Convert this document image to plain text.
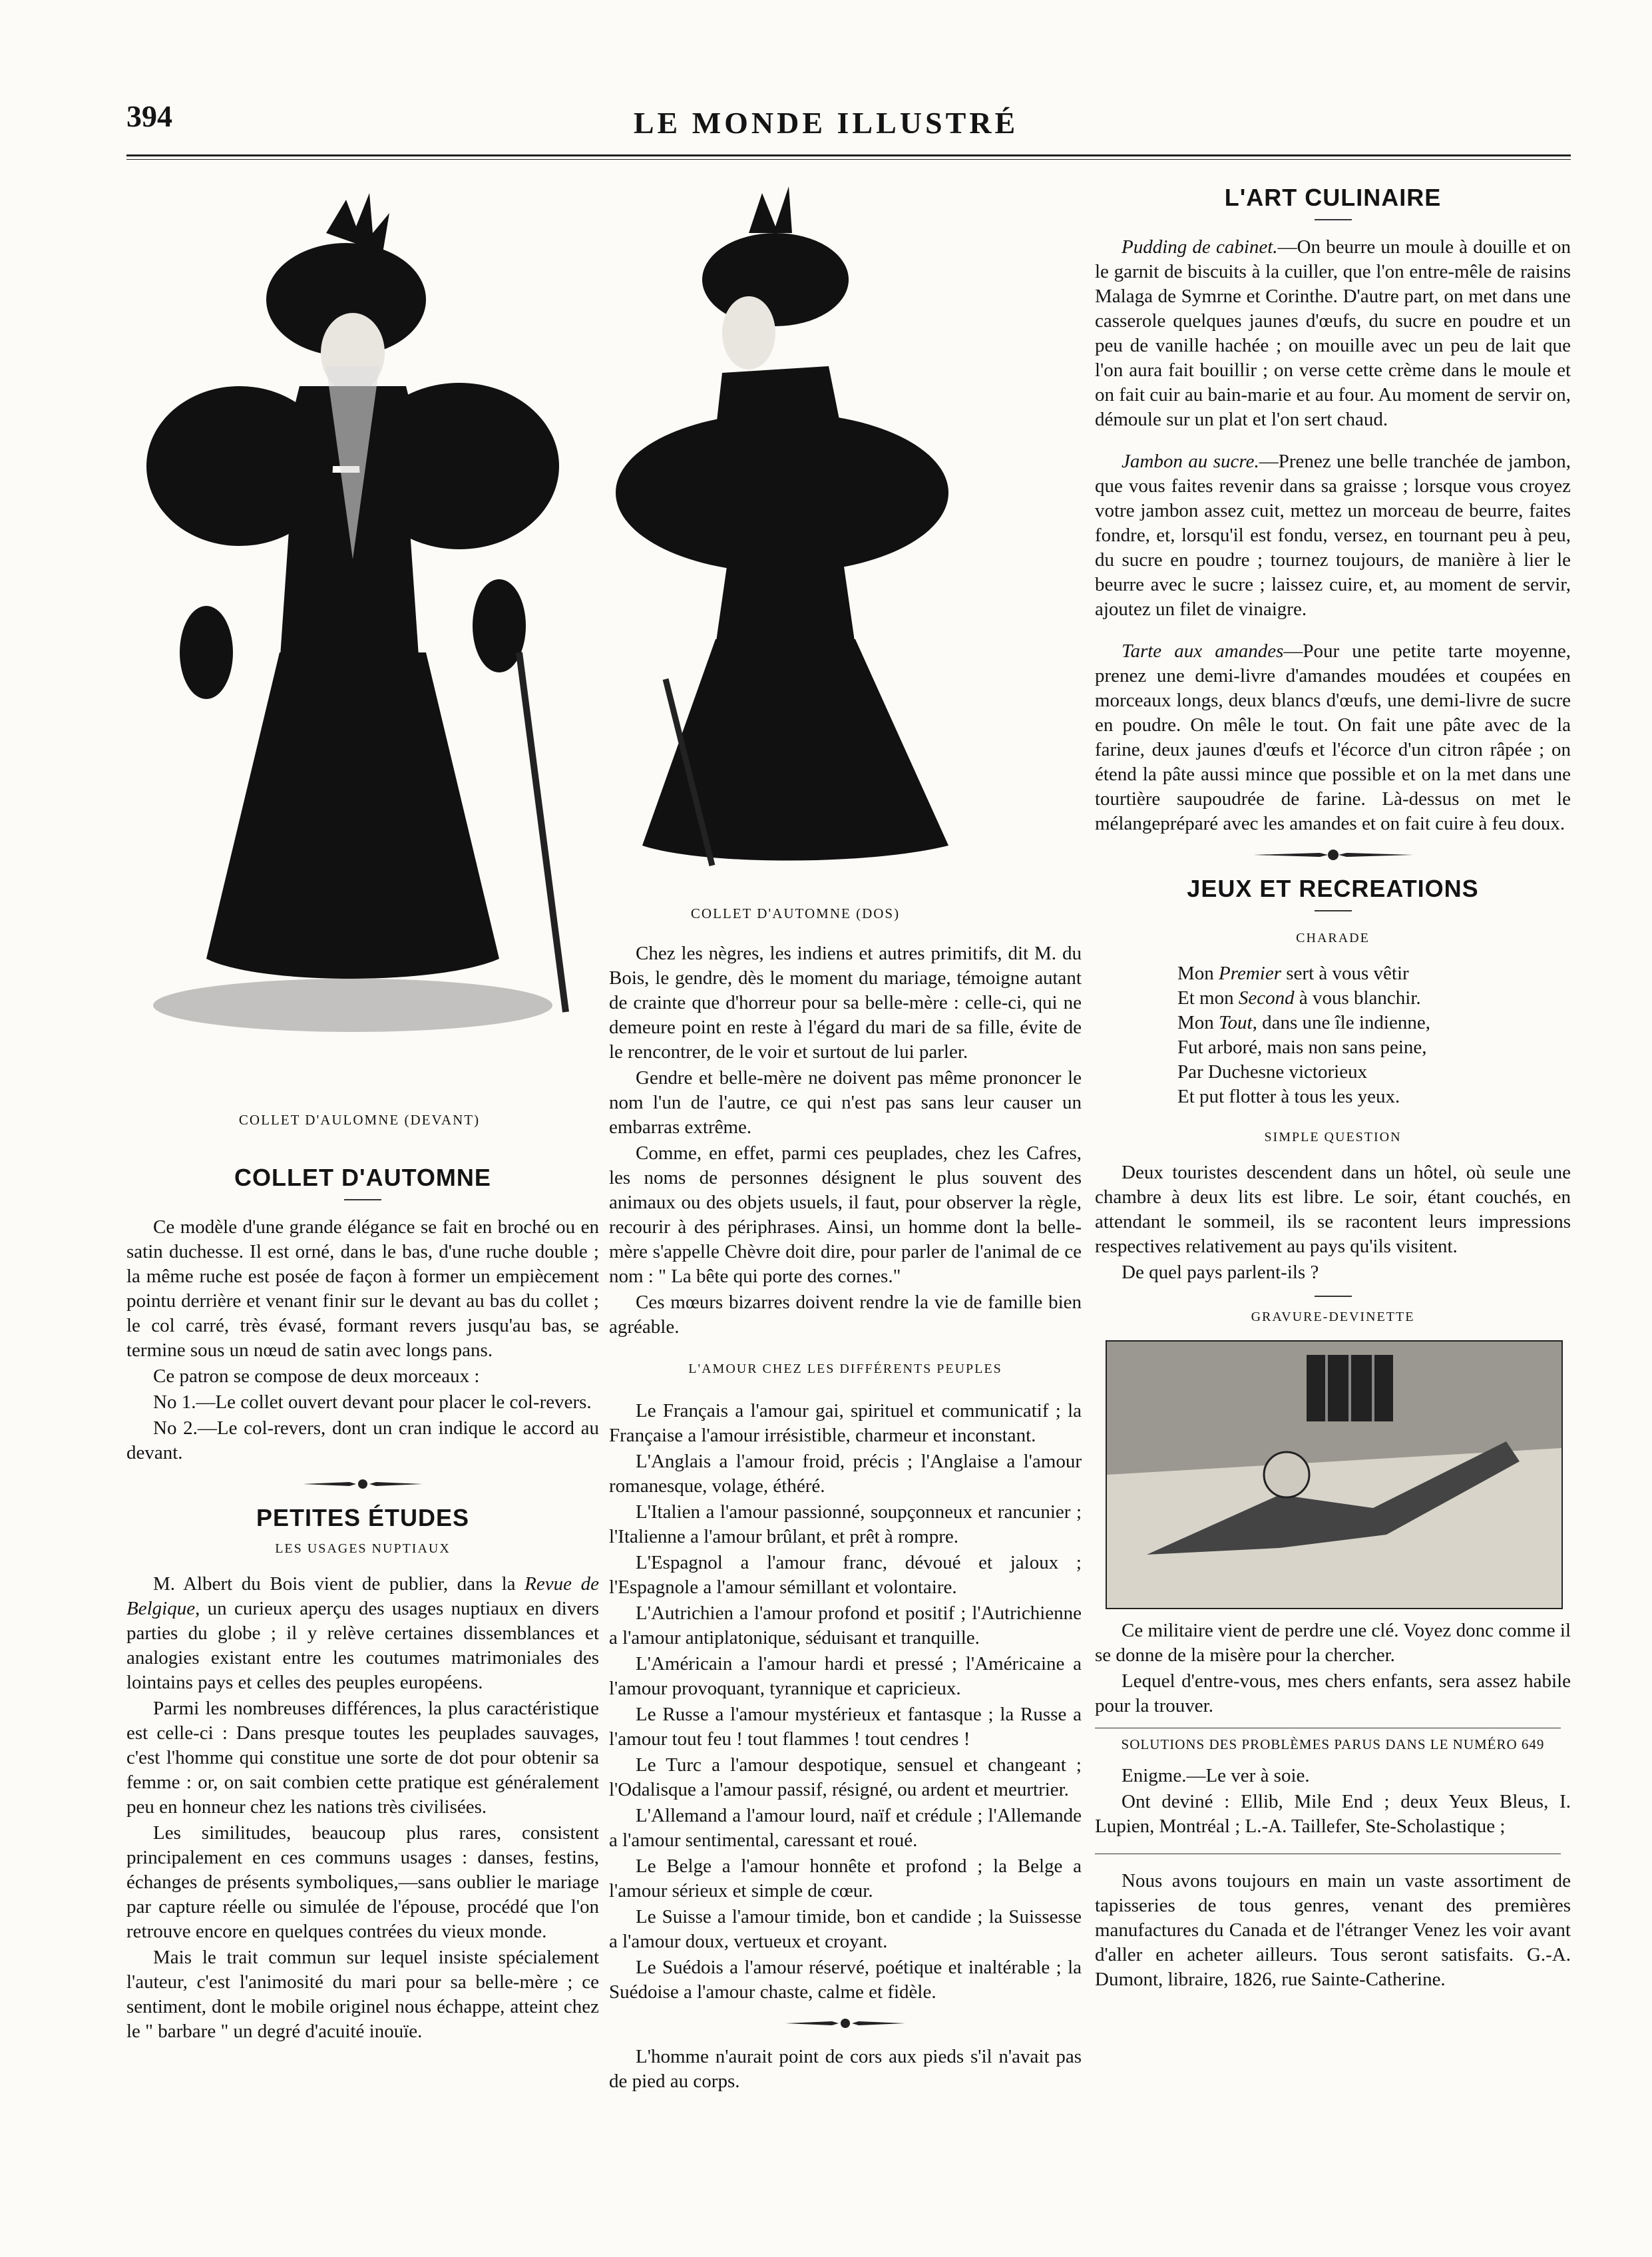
394	LE MONDE ILLUSTRÉ
COLLET D'AULOMNE (DEVANT)
COLLET D'AUTOMNE (DOS)
COLLET D'AUTOMNE

Ce modèle d'une grande élégance se fait en broché ou en satin duchesse. Il est orné, dans le bas, d'une ruche double ; la même ruche est posée de façon à former un empiècement pointu derrière et venant finir sur le devant au bas du collet ; le col carré, très évasé, formant revers jusqu'au bas, se termine sous un nœud de satin avec longs pans.

Ce patron se compose de deux morceaux :

No 1.—Le collet ouvert devant pour placer le col-revers.

No 2.—Le col-revers, dont un cran indique le accord au devant.

PETITES ÉTUDES
LES USAGES NUPTIAUX

M. Albert du Bois vient de publier, dans la Revue de Belgique, un curieux aperçu des usages nuptiaux en divers parties du globe ; il y relève certaines dissemblances et analogies existant entre les coutumes matrimoniales des lointains pays et celles des peuples européens.

Parmi les nombreuses différences, la plus caractéristique est celle-ci : Dans presque toutes les peuplades sauvages, c'est l'homme qui constitue une sorte de dot pour obtenir sa femme : or, on sait combien cette pratique est généralement peu en honneur chez les nations très civilisées.

Les similitudes, beaucoup plus rares, consistent principalement en ces communs usages : danses, festins, échanges de présents symboliques,—sans oublier le mariage par capture réelle ou simulée de l'épouse, procédé que l'on retrouve encore en quelques contrées du vieux monde.

Mais le trait commun sur lequel insiste spécialement l'auteur, c'est l'animosité du mari pour sa belle-mère ; ce sentiment, dont le mobile originel nous échappe, atteint chez le " barbare " un degré d'acuité inouïe.

Chez les nègres, les indiens et autres primitifs, dit M. du Bois, le gendre, dès le moment du mariage, témoigne autant de crainte que d'horreur pour sa belle-mère : celle-ci, qui ne demeure point en reste à l'égard du mari de sa fille, évite de le rencontrer, de le voir et surtout de lui parler.

Gendre et belle-mère ne doivent pas même prononcer le nom l'un de l'autre, ce qui n'est pas sans leur causer un embarras extrême.

Comme, en effet, parmi ces peuplades, chez les Cafres, les noms de personnes désignent le plus souvent des animaux ou des objets usuels, il faut, pour observer la règle, recourir à des périphrases. Ainsi, un homme dont la belle-mère s'appelle Chèvre doit dire, pour parler de l'animal de ce nom : " La bête qui porte des cornes."

Ces mœurs bizarres doivent rendre la vie de famille bien agréable.

L'AMOUR CHEZ LES DIFFÉRENTS PEUPLES

Le Français a l'amour gai, spirituel et communicatif ; la Française a l'amour irrésistible, charmeur et inconstant.

L'Anglais a l'amour froid, précis ; l'Anglaise a l'amour romanesque, volage, éthéré.

L'Italien a l'amour passionné, soupçonneux et rancunier ; l'Italienne a l'amour brûlant, et prêt à rompre.

L'Espagnol a l'amour franc, dévoué et jaloux ; l'Espagnole a l'amour sémillant et volontaire.

L'Autrichien a l'amour profond et positif ; l'Autrichienne a l'amour antiplatonique, séduisant et tranquille.

L'Américain a l'amour hardi et pressé ; l'Américaine a l'amour provoquant, tyrannique et capricieux.

Le Russe a l'amour mystérieux et fantasque ; la Russe a l'amour tout feu ! tout flammes ! tout cendres !

Le Turc a l'amour despotique, sensuel et changeant ; l'Odalisque a l'amour passif, résigné, ou ardent et meurtrier.

L'Allemand a l'amour lourd, naïf et crédule ; l'Allemande a l'amour sentimental, caressant et roué.

Le Belge a l'amour honnête et profond ; la Belge a l'amour sérieux et simple de cœur.

Le Suisse a l'amour timide, bon et candide ; la Suissesse a l'amour doux, vertueux et croyant.

Le Suédois a l'amour réservé, poétique et inaltérable ; la Suédoise a l'amour chaste, calme et fidèle.

L'homme n'aurait point de cors aux pieds s'il n'avait pas de pied au corps.

L'ART CULINAIRE

Pudding de cabinet.—On beurre un moule à douille et on le garnit de biscuits à la cuiller, que l'on entre-mêle de raisins Malaga de Symrne et Corinthe. D'autre part, on met dans une casserole quelques jaunes d'œufs, du sucre en poudre et un peu de vanille hachée ; on mouille avec un peu de lait que l'on aura fait bouillir ; on verse cette crème dans le moule et on fait cuir au bain-marie et au four. Au moment de servir on, démoule sur un plat et l'on sert chaud.

Jambon au sucre.—Prenez une belle tranchée de jambon, que vous faites revenir dans sa graisse ; lorsque vous croyez votre jambon assez cuit, mettez un morceau de beurre, faites fondre, et, lorsqu'il est fondu, versez, en tournant peu à peu, du sucre en poudre ; tournez toujours, de manière à lier le beurre avec le sucre ; laissez cuire, et, au moment de servir, ajoutez un filet de vinaigre.

Tarte aux amandes—Pour une petite tarte moyenne, prenez une demi-livre d'amandes moudées et coupées en morceaux longs, deux blancs d'œufs, une demi-livre de sucre en poudre. On mêle le tout. On fait une pâte avec de la farine, deux jaunes d'œufs et l'écorce d'un citron râpée ; on étend la pâte aussi mince que possible et on la met dans une tourtière saupoudrée de farine. Là-dessus on met le mélangepréparé avec les amandes et on fait cuire à feu doux.

JEUX ET RECREATIONS
CHARADE
Mon Premier sert à vous vêtir
Et mon Second à vous blanchir.
Mon Tout, dans une île indienne,
Fut arboré, mais non sans peine,
Par Duchesne victorieux
Et put flotter à tous les yeux.
SIMPLE QUESTION

Deux touristes descendent dans un hôtel, où seule une chambre à deux lits est libre. Le soir, étant couchés, en attendant le sommeil, ils se racontent leurs impressions respectives relativement au pays qu'ils visitent.

De quel pays parlent-ils ?

GRAVURE-DEVINETTE

Ce militaire vient de perdre une clé. Voyez donc comme il se donne de la misère pour la chercher.

Lequel d'entre-vous, mes chers enfants, sera assez habile pour la trouver.

SOLUTIONS DES PROBLÈMES PARUS DANS LE NUMÉRO 649

Enigme.—Le ver à soie.

Ont deviné : Ellib, Mile End ; deux Yeux Bleus, I. Lupien, Montréal ; L.-A. Taillefer, Ste-Scholastique ;

Nous avons toujours en main un vaste assortiment de tapisseries de tous genres, venant des premières manufactures du Canada et de l'étranger Venez les voir avant d'aller en acheter ailleurs. Tous seront satisfaits. G.-A. Dumont, libraire, 1826, rue Sainte-Catherine.
